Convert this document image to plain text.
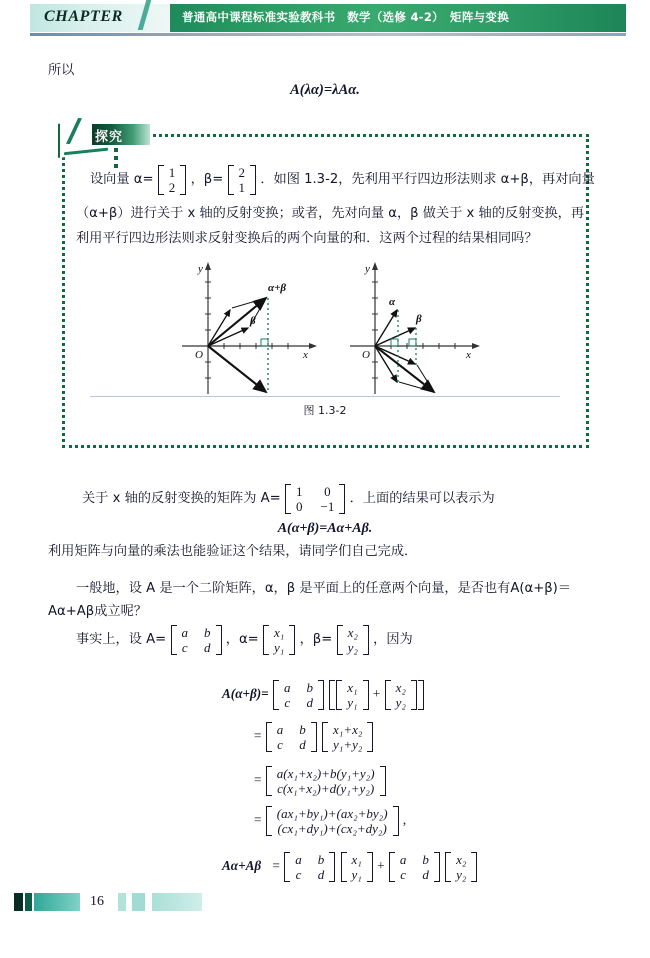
CHAPTER	普通高中课程标准实验教科书　数学（选修 4-2）　矩阵与变换
所以
A(λα)=λAα.
探究
设向量 α= 1
2
，β= 2
1
．如图 1.3-2，先利用平行四边形法则求 α+β，再对向量
（α+β）进行关于 x 轴的反射变换；或者，先对向量 α，β 做关于 x 轴的反射变换，再
利用平行四边形法则求反射变换后的两个向量的和．这两个过程的结果相同吗？
α+β
β
O	x
y
α
β
O	x
y
图 1.3-2
关于 x 轴的反射变换的矩阵为 A= 1	0
0	−1
．上面的结果可以表示为
A(α+β)=Aα+Aβ.
利用矩阵与向量的乘法也能验证这个结果，请同学们自己完成．
一般地，设 A 是一个二阶矩阵，α，β 是平面上的任意两个向量，是否也有A(α+β)＝
Aα+Aβ成立呢？
事实上，设 A= a	b
c	d
，α= x₁
y₁
，β= x₂
y₂
，因为
A(α+β)= a	b
c	d

x₁
y₁
+ x₂
y₂
= a	b
c	d

x₁+x₂
y₁+y₂
= a(x₁+x₂)+b(y₁+y₂)
c(x₁+x₂)+d(y₁+y₂)
= (ax₁+by₁)+(ax₂+by₂)
(cx₁+dy₁)+(cx₂+dy₂)
,
Aα+Aβ = a	b
c	d

x₁
y₁
+ a	b
c	d

x₂
y₂
16
